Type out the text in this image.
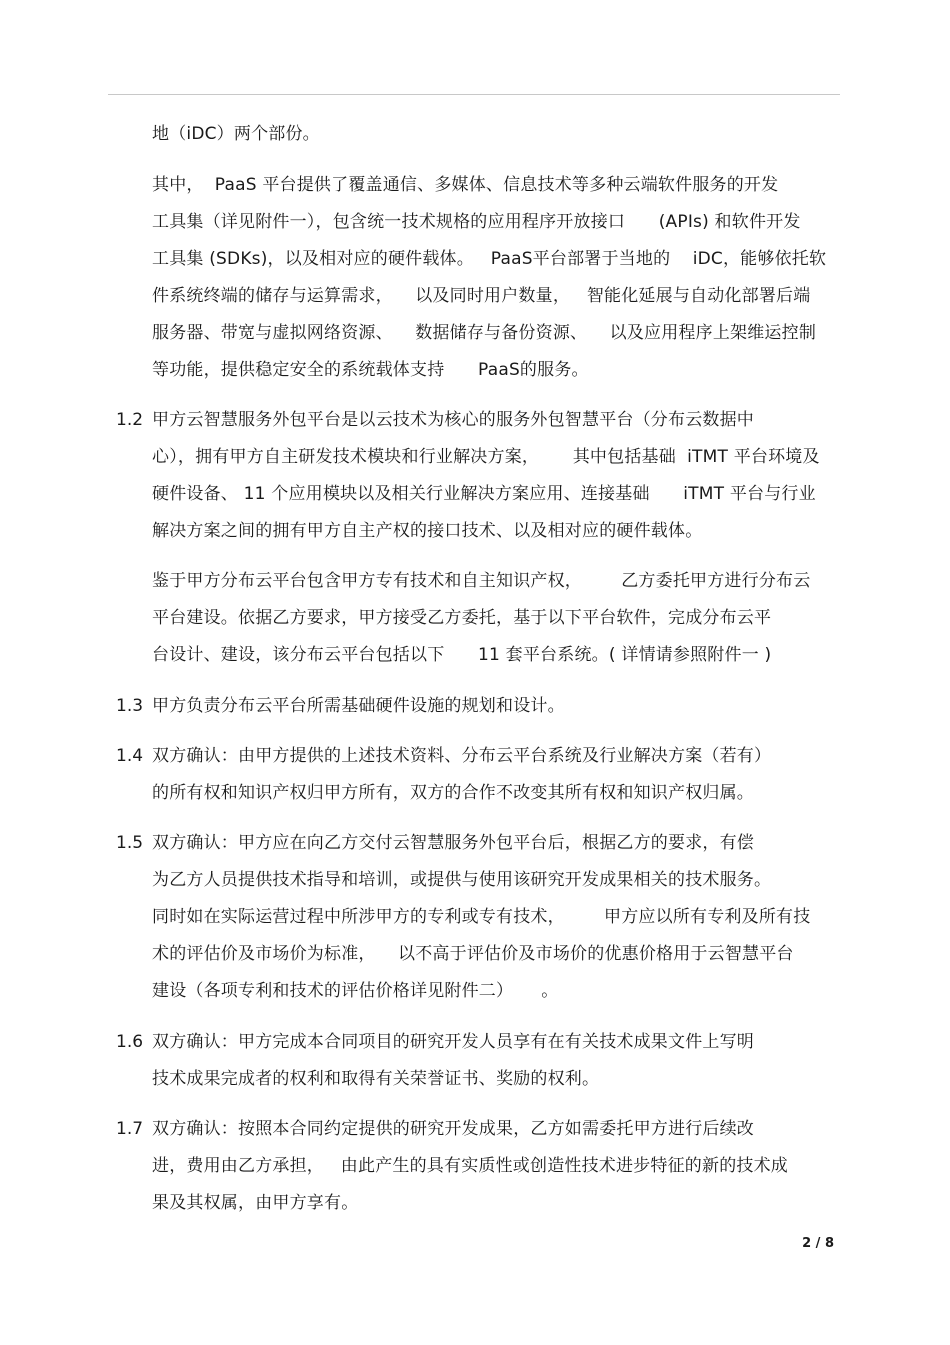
地（iDC）两个部份。
其中，  PaaS 平台提供了覆盖通信、多媒体、信息技术等多种云端软件服务的开发
工具集（详见附件一），包含统一技术规格的应用程序开放接口      (APIs) 和软件开发
工具集 (SDKs)，以及相对应的硬件载体。   PaaS平台部署于当地的    iDC，能够依托软
件系统终端的储存与运算需求，    以及同时用户数量，   智能化延展与自动化部署后端
服务器、带宽与虚拟网络资源、    数据储存与备份资源、    以及应用程序上架维运控制
等功能，提供稳定安全的系统载体支持      PaaS的服务。
1.2 甲方云智慧服务外包平台是以云技术为核心的服务外包智慧平台（分布云数据中
心），拥有甲方自主研发技术模块和行业解决方案，      其中包括基础  iTMT 平台环境及
硬件设备、 11 个应用模块以及相关行业解决方案应用、连接基础      iTMT 平台与行业
解决方案之间的拥有甲方自主产权的接口技术、以及相对应的硬件载体。
鉴于甲方分布云平台包含甲方专有技术和自主知识产权，       乙方委托甲方进行分布云
平台建设。依据乙方要求，甲方接受乙方委托，基于以下平台软件，完成分布云平
台设计、建设，该分布云平台包括以下      11 套平台系统。( 详情请参照附件一 )
1.3 甲方负责分布云平台所需基础硬件设施的规划和设计。
1.4 双方确认：由甲方提供的上述技术资料、分布云平台系统及行业解决方案（若有）
的所有权和知识产权归甲方所有，双方的合作不改变其所有权和知识产权归属。
1.5 双方确认：甲方应在向乙方交付云智慧服务外包平台后，根据乙方的要求，有偿
为乙方人员提供技术指导和培训，或提供与使用该研究开发成果相关的技术服务。
同时如在实际运营过程中所涉甲方的专利或专有技术，       甲方应以所有专利及所有技
术的评估价及市场价为标准，    以不高于评估价及市场价的优惠价格用于云智慧平台
建设（各项专利和技术的评估价格详见附件二）     。
1.6 双方确认：甲方完成本合同项目的研究开发人员享有在有关技术成果文件上写明
技术成果完成者的权利和取得有关荣誉证书、奖励的权利。
1.7 双方确认：按照本合同约定提供的研究开发成果，乙方如需委托甲方进行后续改
进，费用由乙方承担，   由此产生的具有实质性或创造性技术进步特征的新的技术成
果及其权属，由甲方享有。
2 / 8
